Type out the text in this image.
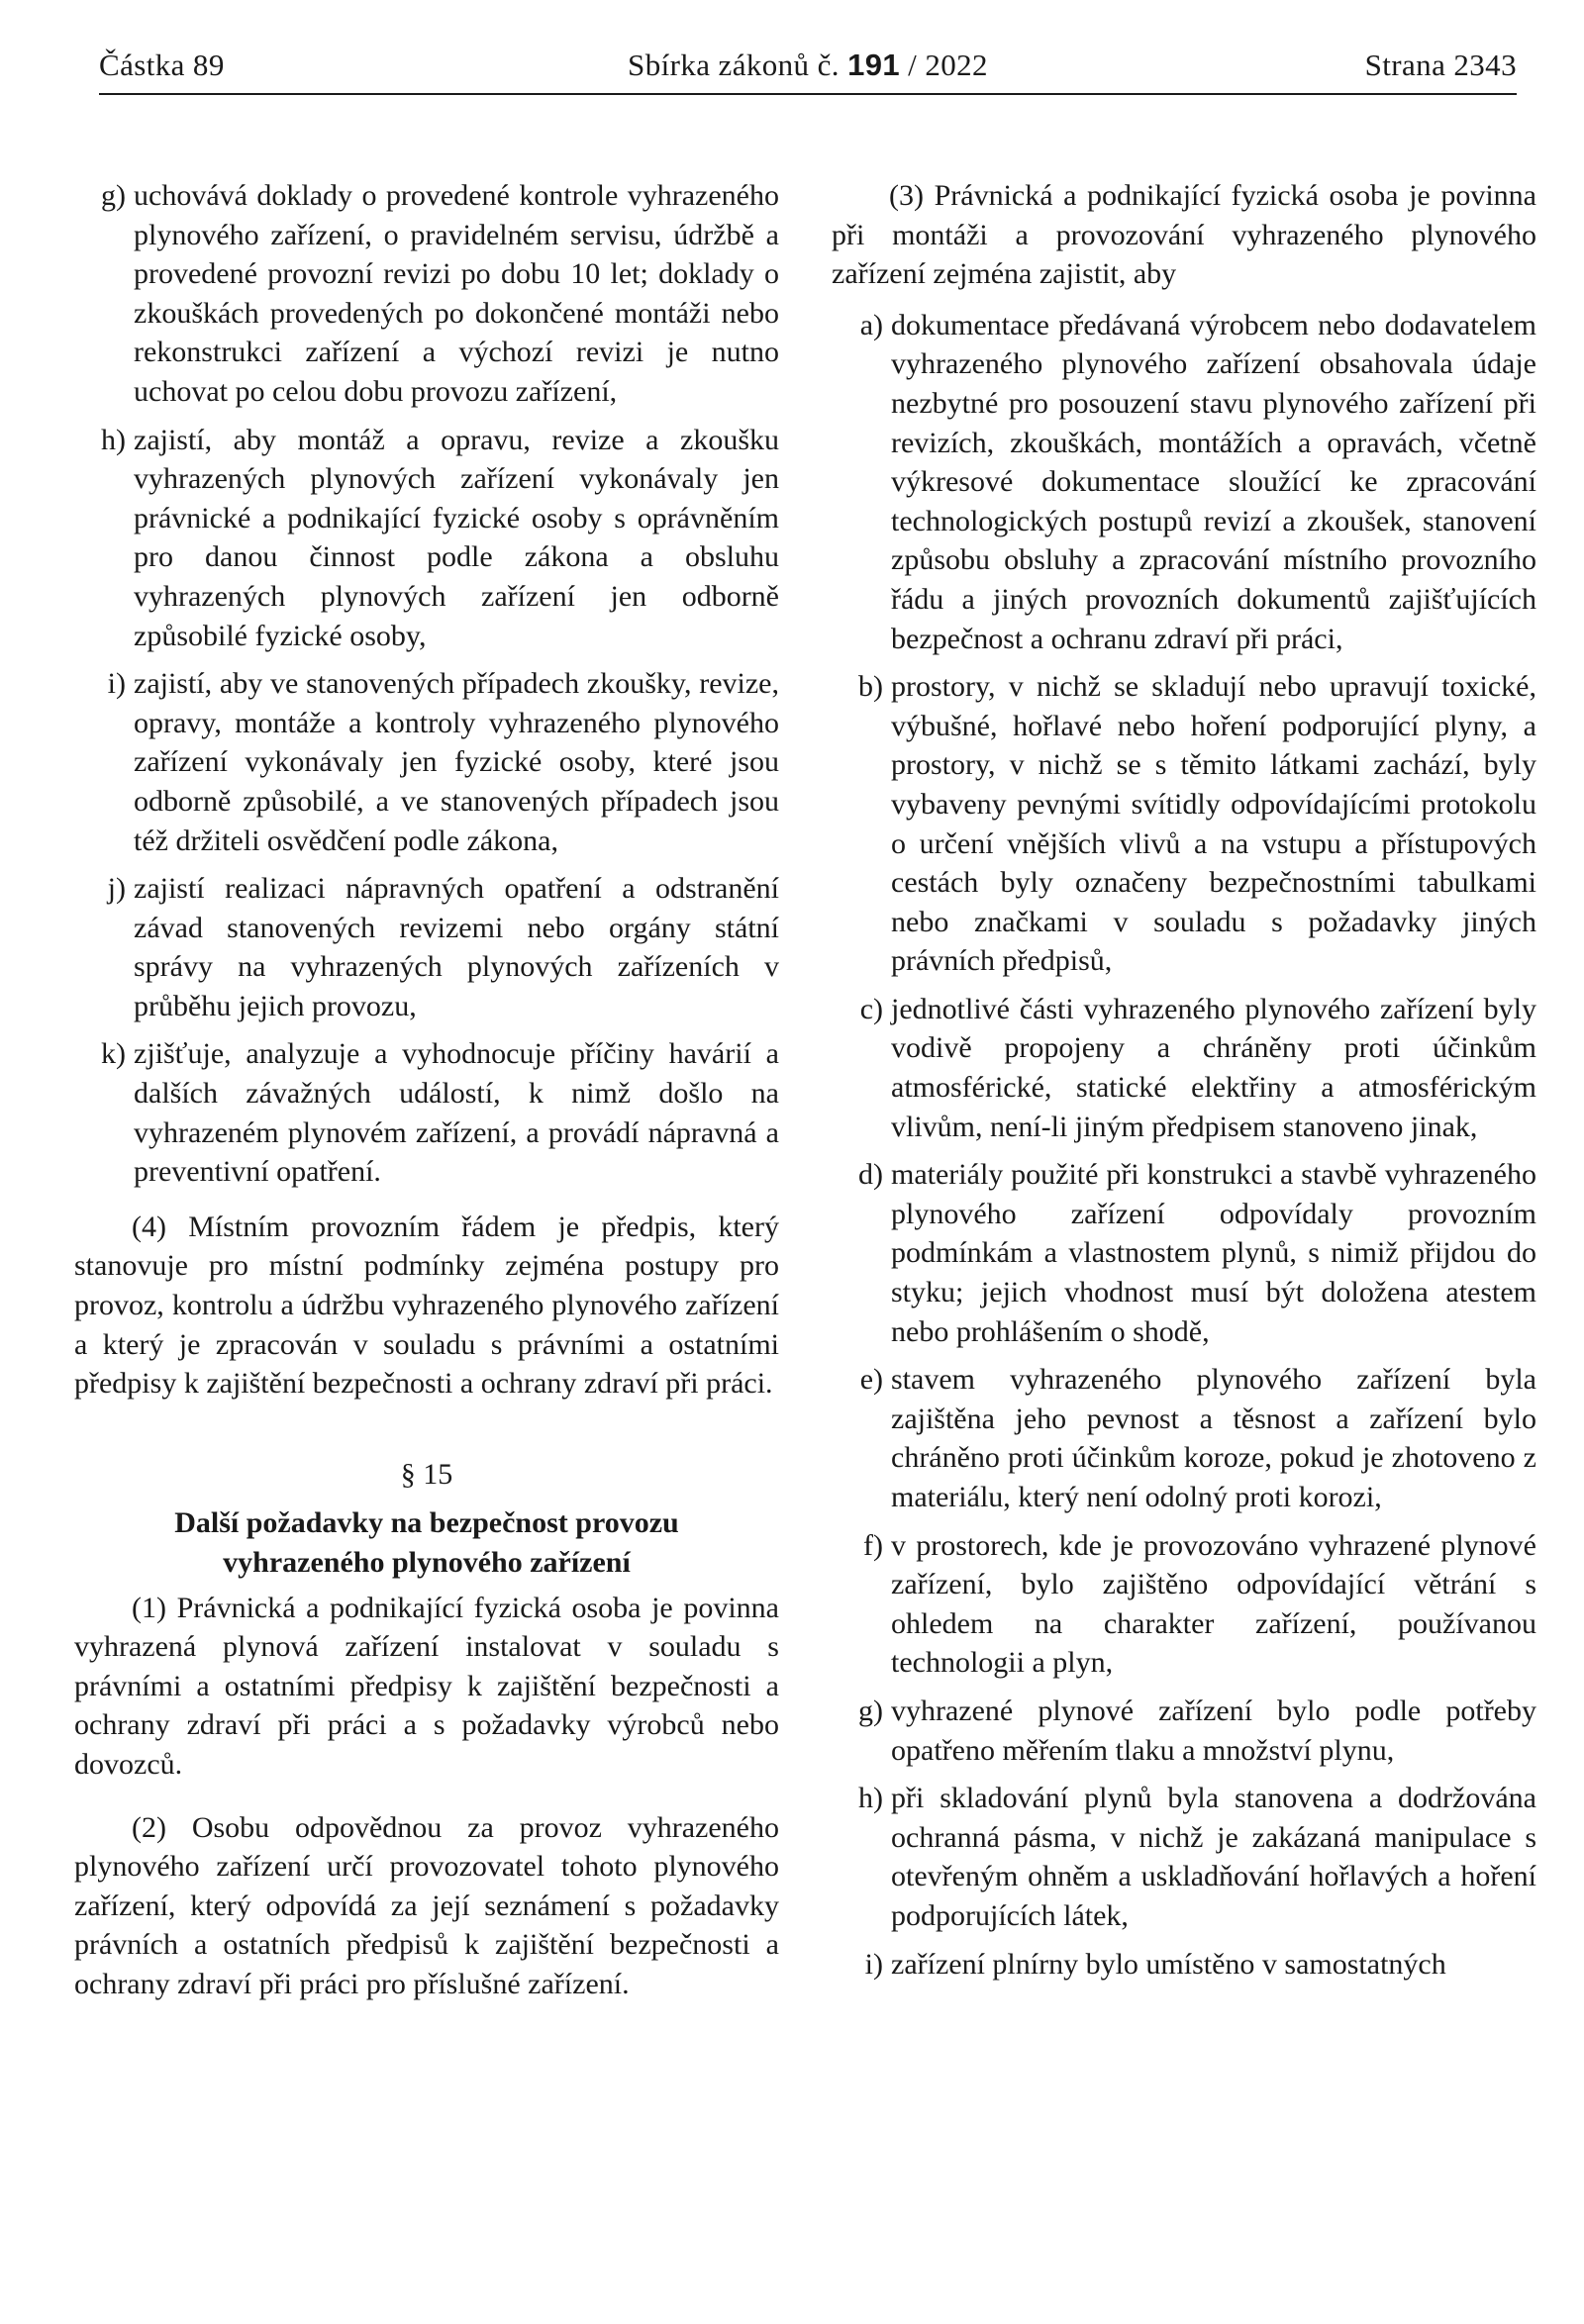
Částka 89	Sbírka zákonů č. 191 / 2022	Strana 2343
g) uchovává doklady o provedené kontrole vyhrazeného plynového zařízení, o pravidelném servisu, údržbě a provedené provozní revizi po dobu 10 let; doklady o zkouškách provedených po dokončené montáži nebo rekonstrukci zařízení a výchozí revizi je nutno uchovat po celou dobu provozu zařízení,
h) zajistí, aby montáž a opravu, revize a zkoušku vyhrazených plynových zařízení vykonávaly jen právnické a podnikající fyzické osoby s oprávněním pro danou činnost podle zákona a obsluhu vyhrazených plynových zařízení jen odborně způsobilé fyzické osoby,
i) zajistí, aby ve stanovených případech zkoušky, revize, opravy, montáže a kontroly vyhrazeného plynového zařízení vykonávaly jen fyzické osoby, které jsou odborně způsobilé, a ve stanovených případech jsou též držiteli osvědčení podle zákona,
j) zajistí realizaci nápravných opatření a odstranění závad stanovených revizemi nebo orgány státní správy na vyhrazených plynových zařízeních v průběhu jejich provozu,
k) zjišťuje, analyzuje a vyhodnocuje příčiny havárií a dalších závažných událostí, k nimž došlo na vyhrazeném plynovém zařízení, a provádí nápravná a preventivní opatření.

(4) Místním provozním řádem je předpis, který stanovuje pro místní podmínky zejména postupy pro provoz, kontrolu a údržbu vyhrazeného plynového zařízení a který je zpracován v souladu s právními a ostatními předpisy k zajištění bezpečnosti a ochrany zdraví při práci.

§ 15
Další požadavky na bezpečnost provozu
vyhrazeného plynového zařízení

(1) Právnická a podnikající fyzická osoba je povinna vyhrazená plynová zařízení instalovat v souladu s právními a ostatními předpisy k zajištění bezpečnosti a ochrany zdraví při práci a s požadavky výrobců nebo dovozců.

(2) Osobu odpovědnou za provoz vyhrazeného plynového zařízení určí provozovatel tohoto plynového zařízení, který odpovídá za její seznámení s požadavky právních a ostatních předpisů k zajištění bezpečnosti a ochrany zdraví při práci pro příslušné zařízení.

(3) Právnická a podnikající fyzická osoba je povinna při montáži a provozování vyhrazeného plynového zařízení zejména zajistit, aby

a) dokumentace předávaná výrobcem nebo dodavatelem vyhrazeného plynového zařízení obsahovala údaje nezbytné pro posouzení stavu plynového zařízení při revizích, zkouškách, montážích a opravách, včetně výkresové dokumentace sloužící ke zpracování technologických postupů revizí a zkoušek, stanovení způsobu obsluhy a zpracování místního provozního řádu a jiných provozních dokumentů zajišťujících bezpečnost a ochranu zdraví při práci,
b) prostory, v nichž se skladují nebo upravují toxické, výbušné, hořlavé nebo hoření podporující plyny, a prostory, v nichž se s těmito látkami zachází, byly vybaveny pevnými svítidly odpovídajícími protokolu o určení vnějších vlivů a na vstupu a přístupových cestách byly označeny bezpečnostními tabulkami nebo značkami v souladu s požadavky jiných právních předpisů,
c) jednotlivé části vyhrazeného plynového zařízení byly vodivě propojeny a chráněny proti účinkům atmosférické, statické elektřiny a atmosférickým vlivům, není-li jiným předpisem stanoveno jinak,
d) materiály použité při konstrukci a stavbě vyhrazeného plynového zařízení odpovídaly provozním podmínkám a vlastnostem plynů, s nimiž přijdou do styku; jejich vhodnost musí být doložena atestem nebo prohlášením o shodě,
e) stavem vyhrazeného plynového zařízení byla zajištěna jeho pevnost a těsnost a zařízení bylo chráněno proti účinkům koroze, pokud je zhotoveno z materiálu, který není odolný proti korozi,
f) v prostorech, kde je provozováno vyhrazené plynové zařízení, bylo zajištěno odpovídající větrání s ohledem na charakter zařízení, používanou technologii a plyn,
g) vyhrazené plynové zařízení bylo podle potřeby opatřeno měřením tlaku a množství plynu,
h) při skladování plynů byla stanovena a dodržována ochranná pásma, v nichž je zakázaná manipulace s otevřeným ohněm a uskladňování hořlavých a hoření podporujících látek,
i) zařízení plnírny bylo umístěno v samostatných
